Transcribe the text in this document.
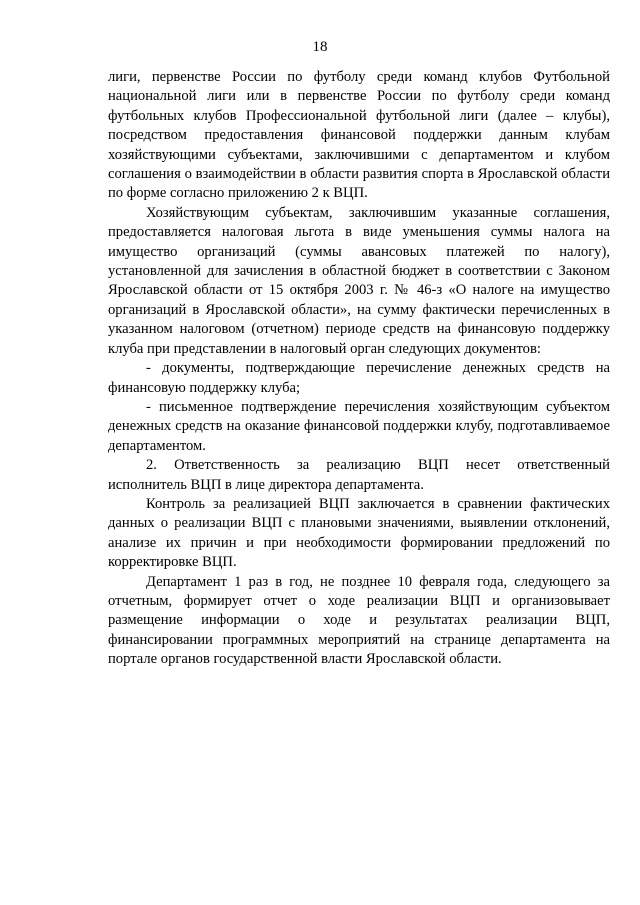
18

лиги, первенстве России по футболу среди команд клубов Футбольной национальной лиги или в первенстве России по футболу среди команд футбольных клубов Профессиональной футбольной лиги (далее – клубы), посредством предоставления финансовой поддержки данным клубам хозяйствующими субъектами, заключившими с департаментом и клубом соглашения о взаимодействии в области развития спорта в Ярославской области по форме согласно приложению 2 к ВЦП.

Хозяйствующим субъектам, заключившим указанные соглашения, предоставляется налоговая льгота в виде уменьшения суммы налога на имущество организаций (суммы авансовых платежей по налогу), установленной для зачисления в областной бюджет в соответствии с Законом Ярославской области от 15 октября 2003 г. № 46-з «О налоге на имущество организаций в Ярославской области», на сумму фактически перечисленных в указанном налоговом (отчетном) периоде средств на финансовую поддержку клуба при представлении в налоговый орган следующих документов:

- документы, подтверждающие перечисление денежных средств на финансовую поддержку клуба;

- письменное подтверждение перечисления хозяйствующим субъектом денежных средств на оказание финансовой поддержки клубу, подготавливаемое департаментом.

2. Ответственность за реализацию ВЦП несет ответственный исполнитель ВЦП в лице директора департамента.

Контроль за реализацией ВЦП заключается в сравнении фактических данных о реализации ВЦП с плановыми значениями, выявлении отклонений, анализе их причин и при необходимости формировании предложений по корректировке ВЦП.

Департамент 1 раз в год, не позднее 10 февраля года, следующего за отчетным, формирует отчет о ходе реализации ВЦП и организовывает размещение информации о ходе и результатах реализации ВЦП, финансировании программных мероприятий на странице департамента на портале органов государственной власти Ярославской области.
